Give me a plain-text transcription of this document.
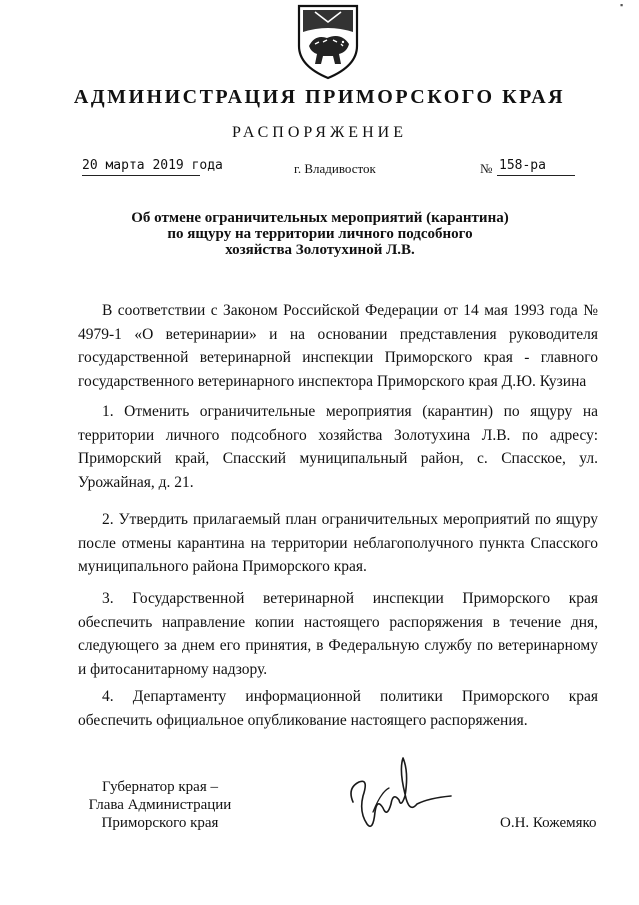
▪
АДМИНИСТРАЦИЯ ПРИМОРСКОГО КРАЯ
РАСПОРЯЖЕНИЕ
20 марта 2019 года	г. Владивосток	№ 158-ра
Об отмене ограничительных мероприятий (карантина)
по ящуру на территории личного подсобного
хозяйства Золотухиной Л.В.

В соответствии с Законом Российской Федерации от 14 мая 1993 года № 4979-1 «О ветеринарии» и на основании представления руководителя государственной ветеринарной инспекции Приморского края - главного государственного ветеринарного инспектора Приморского края Д.Ю. Кузина

1. Отменить ограничительные мероприятия (карантин) по ящуру на территории личного подсобного хозяйства Золотухина Л.В. по адресу: Приморский край, Спасский муниципальный район, с. Спасское, ул. Урожайная, д. 21.

2. Утвердить прилагаемый план ограничительных мероприятий по ящуру после отмены карантина на территории неблагополучного пункта Спасского муниципального района Приморского края.

3. Государственной ветеринарной инспекции Приморского края обеспечить направление копии настоящего распоряжения в течение дня, следующего за днем его принятия, в Федеральную службу по ветеринарному и фитосанитарному надзору.

4. Департаменту информационной политики Приморского края обеспечить официальное опубликование настоящего распоряжения.

Губернатор края –
Глава Администрации
Приморского края	О.Н. Кожемяко
